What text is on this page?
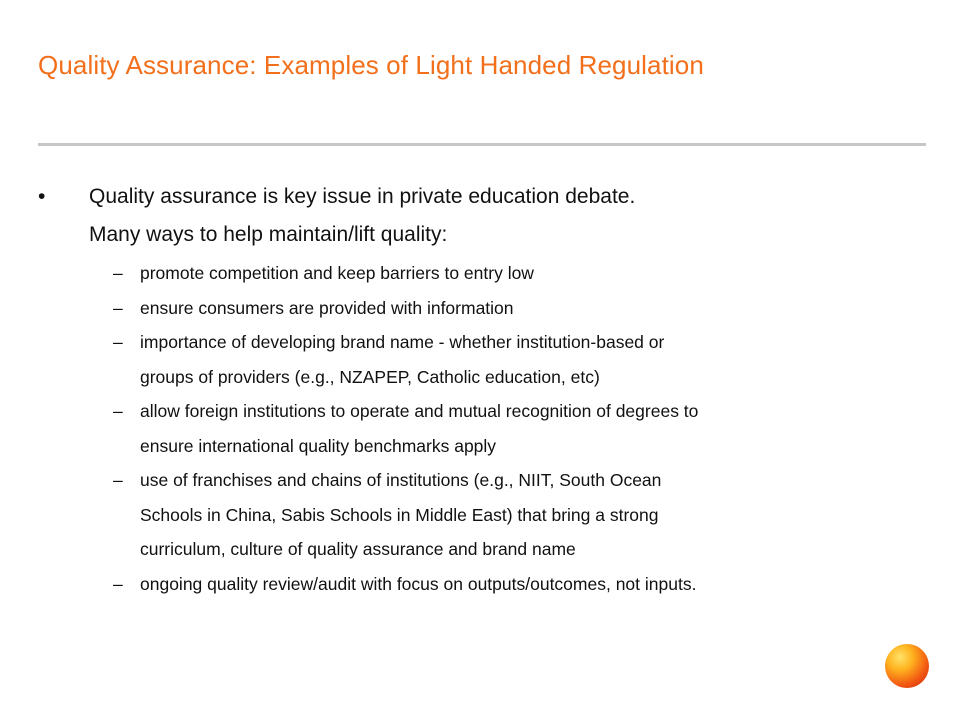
Quality Assurance: Examples of Light Handed Regulation
• Quality assurance is key issue in private education debate.
Many ways to help maintain/lift quality:
– promote competition and keep barriers to entry low
– ensure consumers are provided with information
– importance of developing brand name - whether institution-based or
groups of providers (e.g., NZAPEP, Catholic education, etc)
– allow foreign institutions to operate and mutual recognition of degrees to
ensure international quality benchmarks apply
– use of franchises and chains of institutions (e.g., NIIT, South Ocean
Schools in China, Sabis Schools in Middle East) that bring a strong
curriculum, culture of quality assurance and brand name
– ongoing quality review/audit with focus on outputs/outcomes, not inputs.
